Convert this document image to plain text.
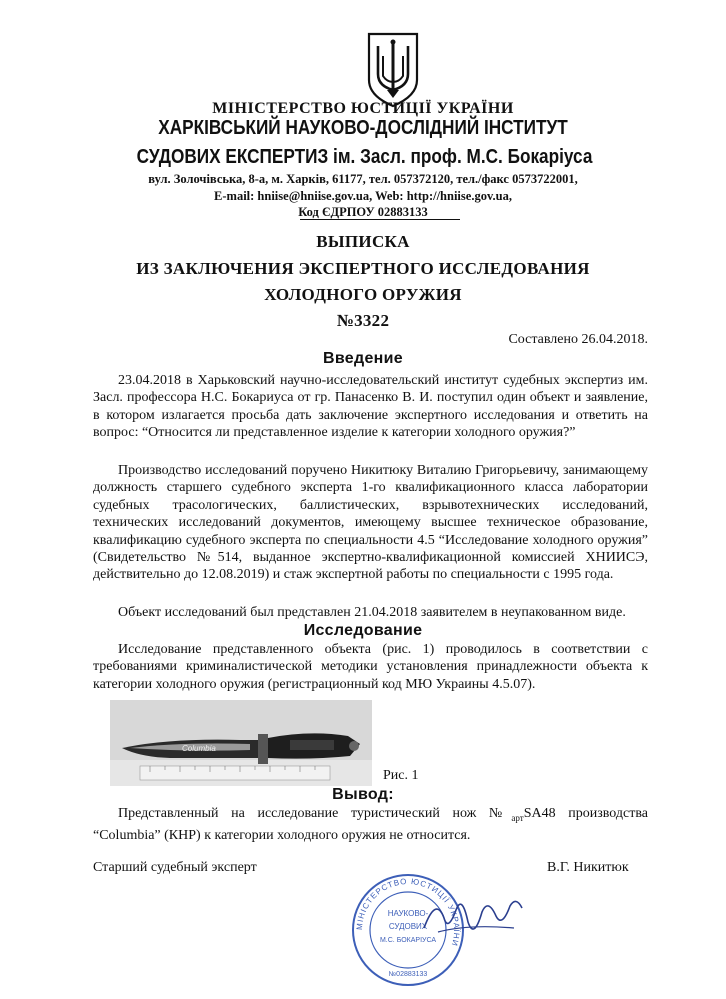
МІНІСТЕРСТВО ЮСТИЦІЇ УКРАЇНИ
ХАРКІВСЬКИЙ НАУКОВО-ДОСЛІДНИЙ ІНСТИТУТ
СУДОВИХ ЕКСПЕРТИЗ ім. Засл. проф. М.С. Бокаріуса
вул. Золочівська, 8-а, м. Харків, 61177, тел. 057372120, тел./факс 0573722001,
E-mail: hniise@hniise.gov.ua, Web: http://hniise.gov.ua,
Код ЄДРПОУ 02883133
ВЫПИСКА
ИЗ ЗАКЛЮЧЕНИЯ ЭКСПЕРТНОГО ИССЛЕДОВАНИЯ
ХОЛОДНОГО ОРУЖИЯ
№3322
Составлено 26.04.2018.
Введение

23.04.2018 в Харьковский научно-исследовательский институт судебных экспертиз им. Засл. профессора Н.С. Бокариуса от гр. Панасенко В. И. поступил один объект и заявление, в котором излагается просьба дать заключение экспертного исследования и ответить на вопрос: “Относится ли представленное изделие к категории холодного оружия?”

Производство исследований поручено Никитюку Виталию Григорьевичу, занимающему должность старшего судебного эксперта 1-го квалификационного класса лаборатории судебных трасологических, баллистических, взрывотехнических исследований, технических исследований документов, имеющему высшее техническое образование, квалификацию судебного эксперта по специальности 4.5 “Исследование холодного оружия” (Свидетельство №514, выданное экспертно-квалификационной комиссией ХНИИСЭ, действительно до 12.08.2019) и стаж экспертной работы по специальности с 1995 года.

Объект исследований был представлен 21.04.2018 заявителем в неупакованном виде.

Исследование

Исследование представленного объекта (рис. 1) проводилось в соответствии с требованиями криминалистической методики установления принадлежности объекта к категории холодного оружия (регистрационный код МЮ Украины 4.5.07).

Columbia
Рис. 1
Вывод:

Представленный на исследование туристический нож $№_{арт}SA48$ производства “Columbia” (КНР) к категории холодного оружия не относится.

Старший судебный эксперт	В.Г. Никитюк
МІНІСТЕРСТВО ЮСТИЦІЇ УКРАЇНИ
НАУКОВО-
СУДОВИХ
М.С. БОКАРІУСА
№02883133
